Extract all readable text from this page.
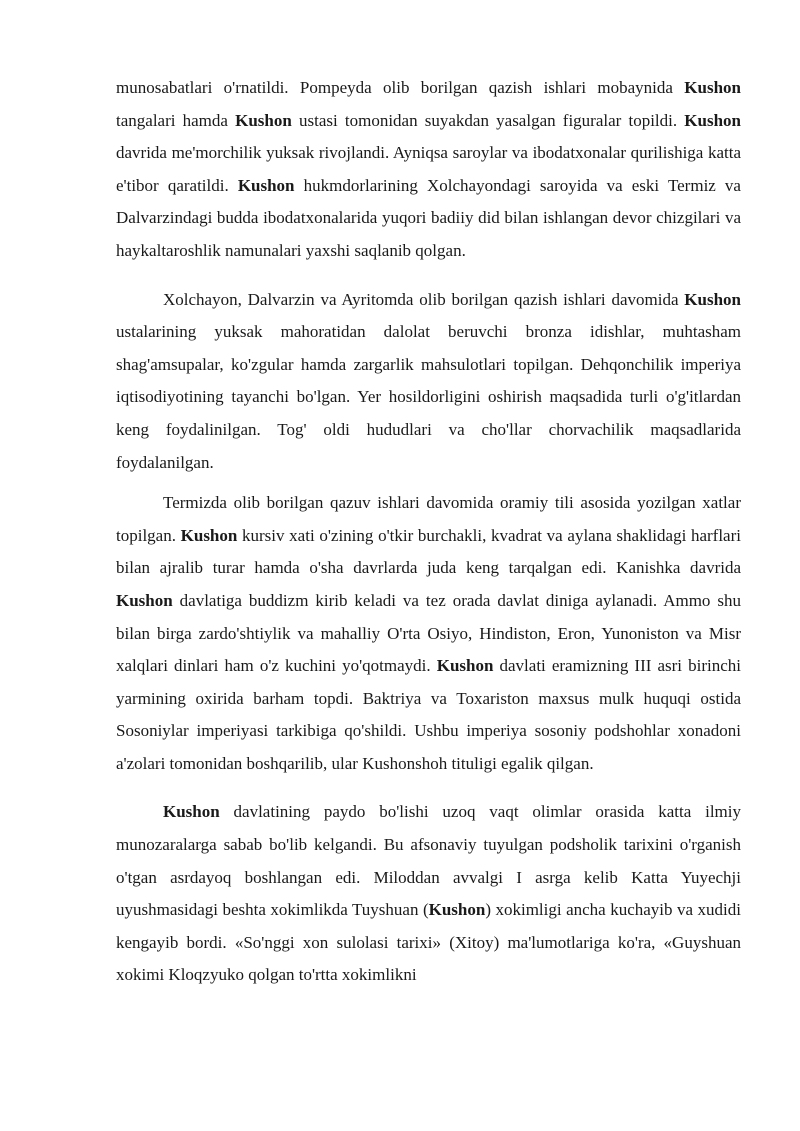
munosabatlari o'rnatildi. Pompeyda olib borilgan qazish ishlari mobaynida Kushon tangalari hamda Kushon ustasi tomonidan suyakdan yasalgan figuralar topildi. Kushon davrida me'morchilik yuksak rivojlandi. Ayniqsa saroylar va ibodatxonalar qurilishiga katta e'tibor qaratildi. Kushon hukmdorlarining Xolchayondagi saroyida va eski Termiz va Dalvarzindagi budda ibodatxonalarida yuqori badiiy did bilan ishlangan devor chizgilari va haykaltaroshlik namunalari yaxshi saqlanib qolgan.

Xolchayon, Dalvarzin va Ayritomda olib borilgan qazish ishlari davomida Kushon ustalarining yuksak mahoratidan dalolat beruvchi bronza idishlar, muhtasham shag'amsupalar, ko'zgular hamda zargarlik mahsulotlari topilgan. Dehqonchilik imperiya iqtisodiyotining tayanchi bo'lgan. Yer hosildorligini oshirish maqsadida turli o'g'itlardan keng foydalinilgan. Tog' oldi hududlari va cho'llar chorvachilik maqsadlarida foydalanilgan.

Termizda olib borilgan qazuv ishlari davomida oramiy tili asosida yozilgan xatlar topilgan. Kushon kursiv xati o'zining o'tkir burchakli, kvadrat va aylana shaklidagi harflari bilan ajralib turar hamda o'sha davrlarda juda keng tarqalgan edi. Kanishka davrida Kushon davlatiga buddizm kirib keladi va tez orada davlat diniga aylanadi. Ammo shu bilan birga zardo'shtiylik va mahalliy O'rta Osiyo, Hindiston, Eron, Yunoniston va Misr xalqlari dinlari ham o'z kuchini yo'qotmaydi. Kushon davlati eramizning III asri birinchi yarmining oxirida barham topdi. Baktriya va Toxariston maxsus mulk huquqi ostida Sosoniylar imperiyasi tarkibiga qo'shildi. Ushbu imperiya sosoniy podshohlar xonadoni a'zolari tomonidan boshqarilib, ular Kushonshoh tituligi egalik qilgan.

Kushon davlatining paydo bo'lishi uzoq vaqt olimlar orasida katta ilmiy munozaralarga sabab bo'lib kelgandi. Bu afsonaviy tuyulgan podsholik tarixini o'rganish o'tgan asrdayoq boshlangan edi. Miloddan avvalgi I asrga kelib Katta Yuyechji uyushmasidagi beshta xokimlikda Tuyshuan (Kushon) xokimligi ancha kuchayib va xudidi kengayib bordi. «So'nggi xon sulolasi tarixi» (Xitoy) ma'lumotlariga ko'ra, «Guyshuan xokimi Kloqzyuko qolgan to'rtta xokimlikni
